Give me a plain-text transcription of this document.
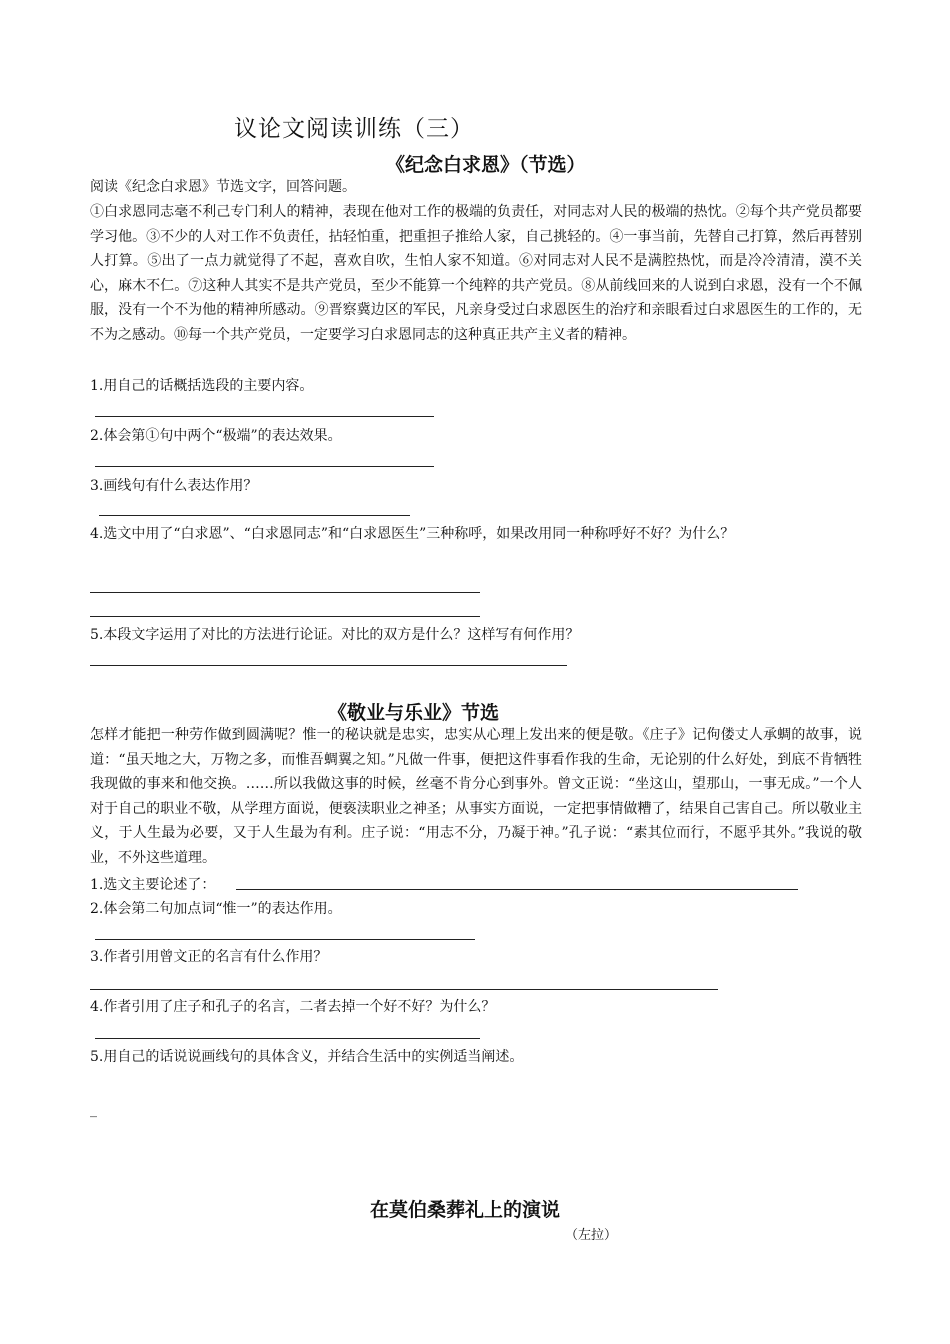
议论文阅读训练（三）
《纪念白求恩》（节选）
阅读《纪念白求恩》节选文字，回答问题。
①白求恩同志毫不利己专门利人的精神，表现在他对工作的极端的负责任，对同志对人民的极端的热忱。②每个共产党员都要学习他。③不少的人对工作不负责任，拈轻怕重，把重担子推给人家，自己挑轻的。④一事当前，先替自己打算，然后再替别人打算。⑤出了一点力就觉得了不起，喜欢自吹，生怕人家不知道。⑥对同志对人民不是满腔热忱，而是冷冷清清，漠不关心，麻木不仁。⑦这种人其实不是共产党员，至少不能算一个纯粹的共产党员。⑧从前线回来的人说到白求恩，没有一个不佩服，没有一个不为他的精神所感动。⑨晋察冀边区的军民，凡亲身受过白求恩医生的治疗和亲眼看过白求恩医生的工作的，无不为之感动。⑩每一个共产党员，一定要学习白求恩同志的这种真正共产主义者的精神。
1.用自己的话概括选段的主要内容。
2.体会第①句中两个“极端”的表达效果。
3.画线句有什么表达作用？
4.选文中用了“白求恩”、“白求恩同志”和“白求恩医生”三种称呼，如果改用同一种称呼好不好？为什么？
5.本段文字运用了对比的方法进行论证。对比的双方是什么？这样写有何作用？
《敬业与乐业》节选
怎样才能把一种劳作做到圆满呢？惟一的秘诀就是忠实，忠实从心理上发出来的便是敬。《庄子》记佝偻丈人承蜩的故事，说道：“虽天地之大，万物之多，而惟吾蜩翼之知。”凡做一件事，便把这件事看作我的生命，无论别的什么好处，到底不肯牺牲我现做的事来和他交换。……所以我做这事的时候，丝毫不肯分心到事外。曾文正说：“坐这山，望那山，一事无成。”一个人对于自己的职业不敬，从学理方面说，便亵渎职业之神圣；从事实方面说，一定把事情做糟了，结果自己害自己。所以敬业主义，于人生最为必要，又于人生最为有利。庄子说：“用志不分，乃凝于神。”孔子说：“素其位而行，不愿乎其外。”我说的敬业，不外这些道理。
1.选文主要论述了：
2.体会第二句加点词“惟一”的表达作用。
3.作者引用曾文正的名言有什么作用？
4.作者引用了庄子和孔子的名言，二者去掉一个好不好？为什么？
5.用自己的话说说画线句的具体含义，并结合生活中的实例适当阐述。
_
在莫伯桑葬礼上的演说
（左拉）
